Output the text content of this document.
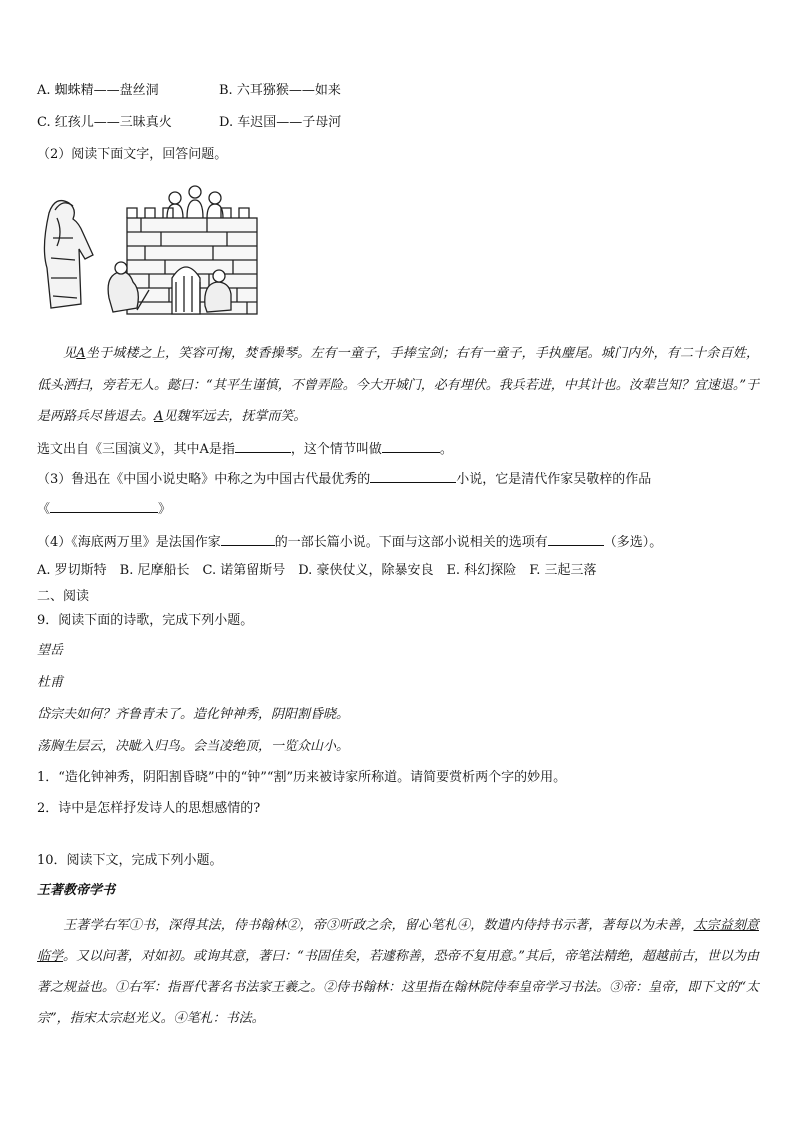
A. 蜘蛛精——盘丝洞	B. 六耳猕猴——如来
C. 红孩儿——三昧真火	D. 车迟国——子母河
（2）阅读下面文字，回答问题。
见A坐于城楼之上，笑容可掬，焚香操琴。左有一童子，手捧宝剑；右有一童子，手执麈尾。城门内外，有二十余百姓，低头洒扫，旁若无人。懿曰：“其平生谨慎，不曾弄险。今大开城门，必有埋伏。我兵若进，中其计也。汝辈岂知？宜速退。”于是两路兵尽皆退去。A见魏军远去，抚掌而笑。
选文出自《三国演义》，其中A是指	，这个情节叫做	。
（3）鲁迅在《中国小说史略》中称之为中国古代最优秀的	小说，它是清代作家吴敬梓的作品
《	》
（4）《海底两万里》是法国作家	的一部长篇小说。下面与这部小说相关的选项有	（多选）。
A. 罗切斯特　B. 尼摩船长　C. 诺第留斯号　D. 豪侠仗义，除暴安良　E. 科幻探险　F. 三起三落
二、阅读
9．阅读下面的诗歌，完成下列小题。
望岳
杜甫
岱宗夫如何？齐鲁青未了。造化钟神秀，阴阳割昏晓。
荡胸生层云，决眦入归鸟。会当凌绝顶，一览众山小。
1．“造化钟神秀，阴阳割昏晓”中的“钟”“割”历来被诗家所称道。请简要赏析两个字的妙用。
2．诗中是怎样抒发诗人的思想感情的?
10．阅读下文，完成下列小题。
王著教帝学书
　　王著学右军①书，深得其法，侍书翰林②，帝③听政之余，留心笔札④，数遣内侍持书示著，著每以为未善，太宗益刻意临学。又以问著，对如初。或询其意，著曰：“书固佳矣，若遽称善，恐帝不复用意。”其后，帝笔法精绝，超越前古，世以为由著之规益也。①右军：指晋代著名书法家王羲之。②侍书翰林：这里指在翰林院侍奉皇帝学习书法。③帝：皇帝，即下文的“太宗”，指宋太宗赵光义。④笔札：书法。
